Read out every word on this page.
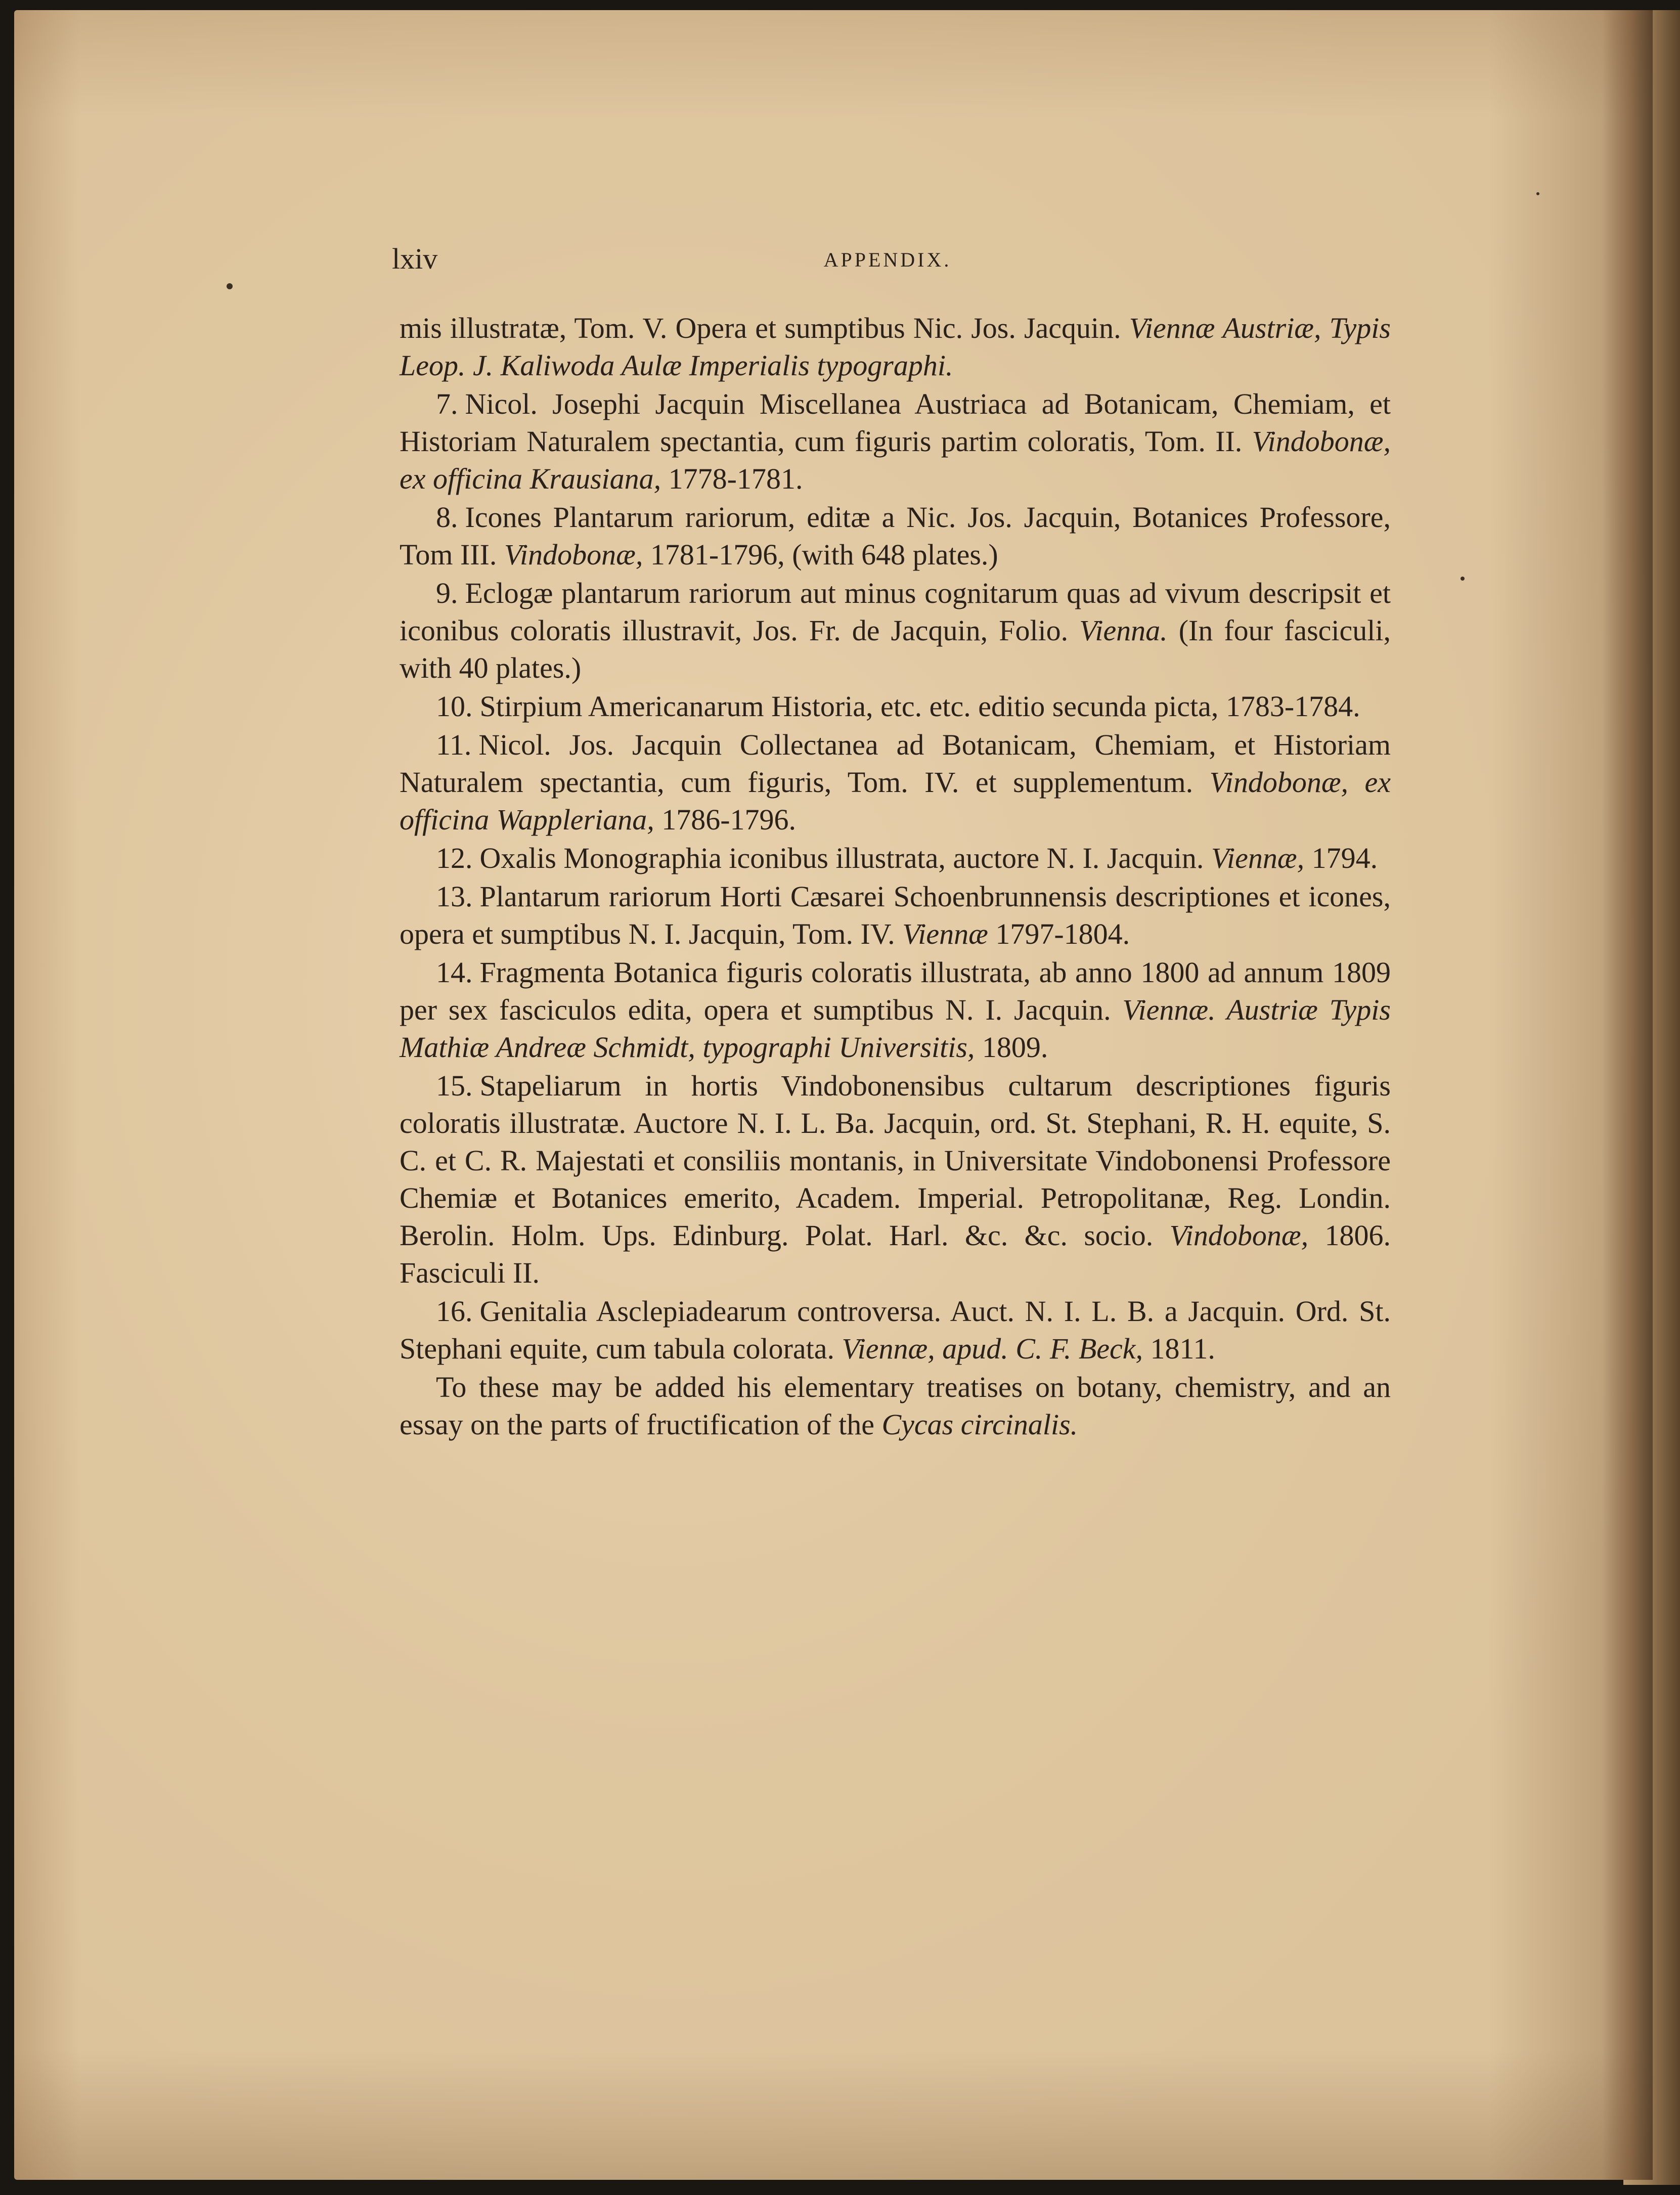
lxiv	APPENDIX.

mis illustratæ, Tom. V. Opera et sumptibus Nic. Jos. Jacquin. Viennæ Austriæ, Typis Leop. J. Kaliwoda Aulæ Imperialis typographi.

7. Nicol. Josephi Jacquin Miscellanea Austriaca ad Botanicam, Chemiam, et Historiam Naturalem spectantia, cum figuris partim coloratis, Tom. II. Vindobonæ, ex officina Krausiana, 1778-1781.

8. Icones Plantarum rariorum, editæ a Nic. Jos. Jacquin, Botanices Professore, Tom III. Vindobonæ, 1781-1796, (with 648 plates.)

9. Eclogæ plantarum rariorum aut minus cognitarum quas ad vivum descripsit et iconibus coloratis illustravit, Jos. Fr. de Jacquin, Folio. Vienna. (In four fasciculi, with 40 plates.)

10. Stirpium Americanarum Historia, etc. etc. editio secunda picta, 1783-1784.

11. Nicol. Jos. Jacquin Collectanea ad Botanicam, Chemiam, et Historiam Naturalem spectantia, cum figuris, Tom. IV. et supplementum. Vindobonæ, ex officina Wappleriana, 1786-1796.

12. Oxalis Monographia iconibus illustrata, auctore N. I. Jacquin. Viennæ, 1794.

13. Plantarum rariorum Horti Cæsarei Schoenbrunnensis descriptiones et icones, opera et sumptibus N. I. Jacquin, Tom. IV. Viennæ 1797-1804.

14. Fragmenta Botanica figuris coloratis illustrata, ab anno 1800 ad annum 1809 per sex fasciculos edita, opera et sumptibus N. I. Jacquin. Viennæ. Austriæ Typis Mathiæ Andreæ Schmidt, typographi Universitis, 1809.

15. Stapeliarum in hortis Vindobonensibus cultarum descriptiones figuris coloratis illustratæ. Auctore N. I. L. Ba. Jacquin, ord. St. Stephani, R. H. equite, S. C. et C. R. Majestati et consiliis montanis, in Universitate Vindobonensi Professore Chemiæ et Botanices emerito, Academ. Imperial. Petropolitanæ, Reg. Londin. Berolin. Holm. Ups. Edinburg. Polat. Harl. &c. &c. socio. Vindobonæ, 1806. Fasciculi II.

16. Genitalia Asclepiadearum controversa. Auct. N. I. L. B. a Jacquin. Ord. St. Stephani equite, cum tabula colorata. Viennæ, apud. C. F. Beck, 1811.

To these may be added his elementary treatises on botany, chemistry, and an essay on the parts of fructification of the Cycas circinalis.
